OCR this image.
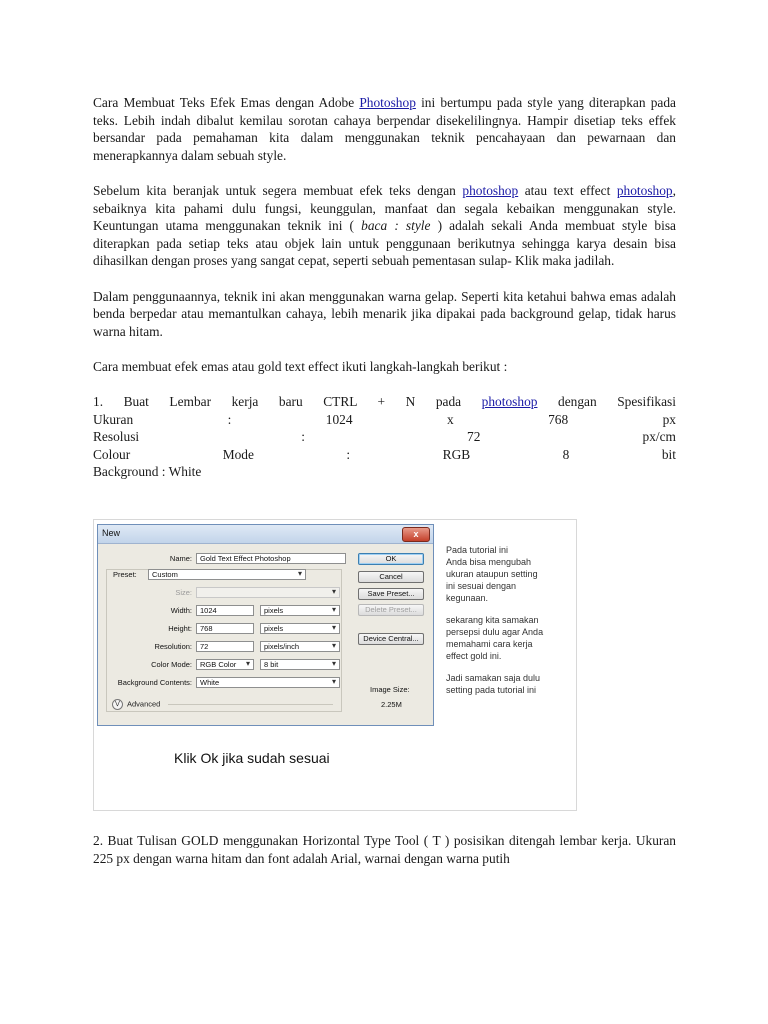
Cara Membuat Teks Efek Emas dengan Adobe Photoshop ini bertumpu pada style yang diterapkan pada teks. Lebih indah dibalut kemilau sorotan cahaya berpendar disekelilingnya. Hampir disetiap teks effek bersandar pada pemahaman kita dalam menggunakan teknik pencahayaan dan pewarnaan dan menerapkannya dalam sebuah style.

Sebelum kita beranjak untuk segera membuat efek teks dengan photoshop atau text effect photoshop, sebaiknya kita pahami dulu fungsi, keunggulan, manfaat dan segala kebaikan menggunakan style. Keuntungan utama menggunakan teknik ini ( baca : style ) adalah sekali Anda membuat style bisa diterapkan pada setiap teks atau objek lain untuk penggunaan berikutnya sehingga karya desain bisa dihasilkan dengan proses yang sangat cepat, seperti sebuah pementasan sulap- Klik maka jadilah.

Dalam penggunaannya, teknik ini akan menggunakan warna gelap. Seperti kita ketahui bahwa emas adalah benda berpedar atau memantulkan cahaya, lebih menarik jika dipakai pada background gelap, tidak harus warna hitam.

Cara membuat efek emas atau gold text effect ikuti langkah-langkah berikut :

1. Buat Lembar kerja baru CTRL + N pada photoshop dengan Spesifikasi
Ukuran	:	1024	x	768	px
Resolusi	:	72	px/cm
Colour	Mode	:	RGB	8	bit
Background : White
New	x
Name:	Gold Text Effect Photoshop
Preset:	Custom ▾
Size:
▾
Width:	1024	pixels ▾
Height:	768	pixels ▾
Resolution:	72	pixels/inch ▾
Color Mode:	RGB Color ▾	8 bit ▾
Background Contents:	White ▾
⋁ Advanced
OK
Cancel
Save Preset...
Delete Preset...
Device Central...
Image Size:
2.25M
Pada tutorial ini
Anda bisa mengubah
ukuran ataupun setting
ini sesuai dengan
kegunaan.
sekarang kita samakan
persepsi dulu agar Anda
memahami cara kerja
effect gold ini.
Jadi samakan saja dulu
setting pada tutorial ini
Klik Ok jika sudah sesuai

2. Buat Tulisan GOLD menggunakan Horizontal Type Tool ( T ) posisikan ditengah lembar kerja. Ukuran 225 px dengan warna hitam dan font adalah Arial, warnai dengan warna putih
